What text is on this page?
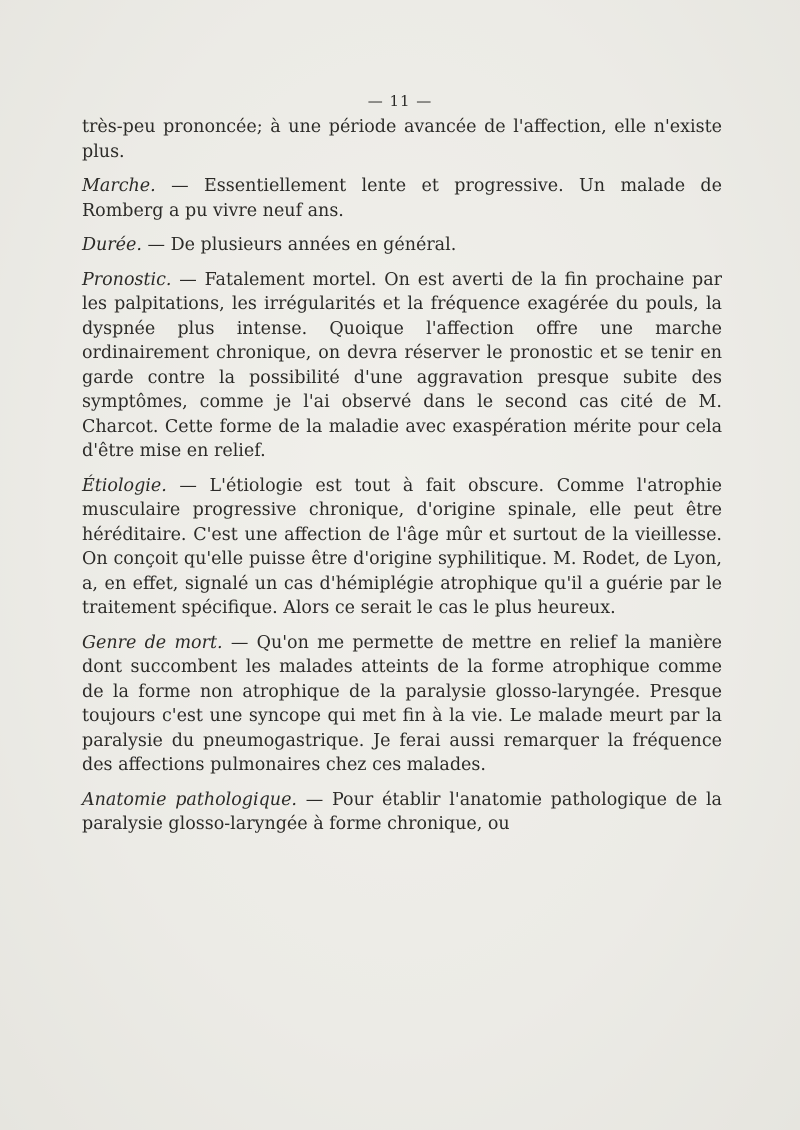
— 11 —

très-peu prononcée; à une période avancée de l'affection, elle n'existe plus.

Marche. — Essentiellement lente et progressive. Un malade de Romberg a pu vivre neuf ans.

Durée. — De plusieurs années en général.

Pronostic. — Fatalement mortel. On est averti de la fin prochaine par les palpitations, les irrégularités et la fréquence exagérée du pouls, la dyspnée plus intense. Quoique l'affection offre une marche ordinairement chronique, on devra réserver le pronostic et se tenir en garde contre la possibilité d'une aggravation presque subite des symptômes, comme je l'ai observé dans le second cas cité de M. Charcot. Cette forme de la maladie avec exaspération mérite pour cela d'être mise en relief.

Étiologie. — L'étiologie est tout à fait obscure. Comme l'atrophie musculaire progressive chronique, d'origine spinale, elle peut être héréditaire. C'est une affection de l'âge mûr et surtout de la vieillesse. On conçoit qu'elle puisse être d'origine syphilitique. M. Rodet, de Lyon, a, en effet, signalé un cas d'hémiplégie atrophique qu'il a guérie par le traitement spécifique. Alors ce serait le cas le plus heureux.

Genre de mort. — Qu'on me permette de mettre en relief la manière dont succombent les malades atteints de la forme atrophique comme de la forme non atrophique de la paralysie glosso-laryngée. Presque toujours c'est une syncope qui met fin à la vie. Le malade meurt par la paralysie du pneumogastrique. Je ferai aussi remarquer la fréquence des affections pulmonaires chez ces malades.

Anatomie pathologique. — Pour établir l'anatomie pathologique de la paralysie glosso-laryngée à forme chronique, ou
